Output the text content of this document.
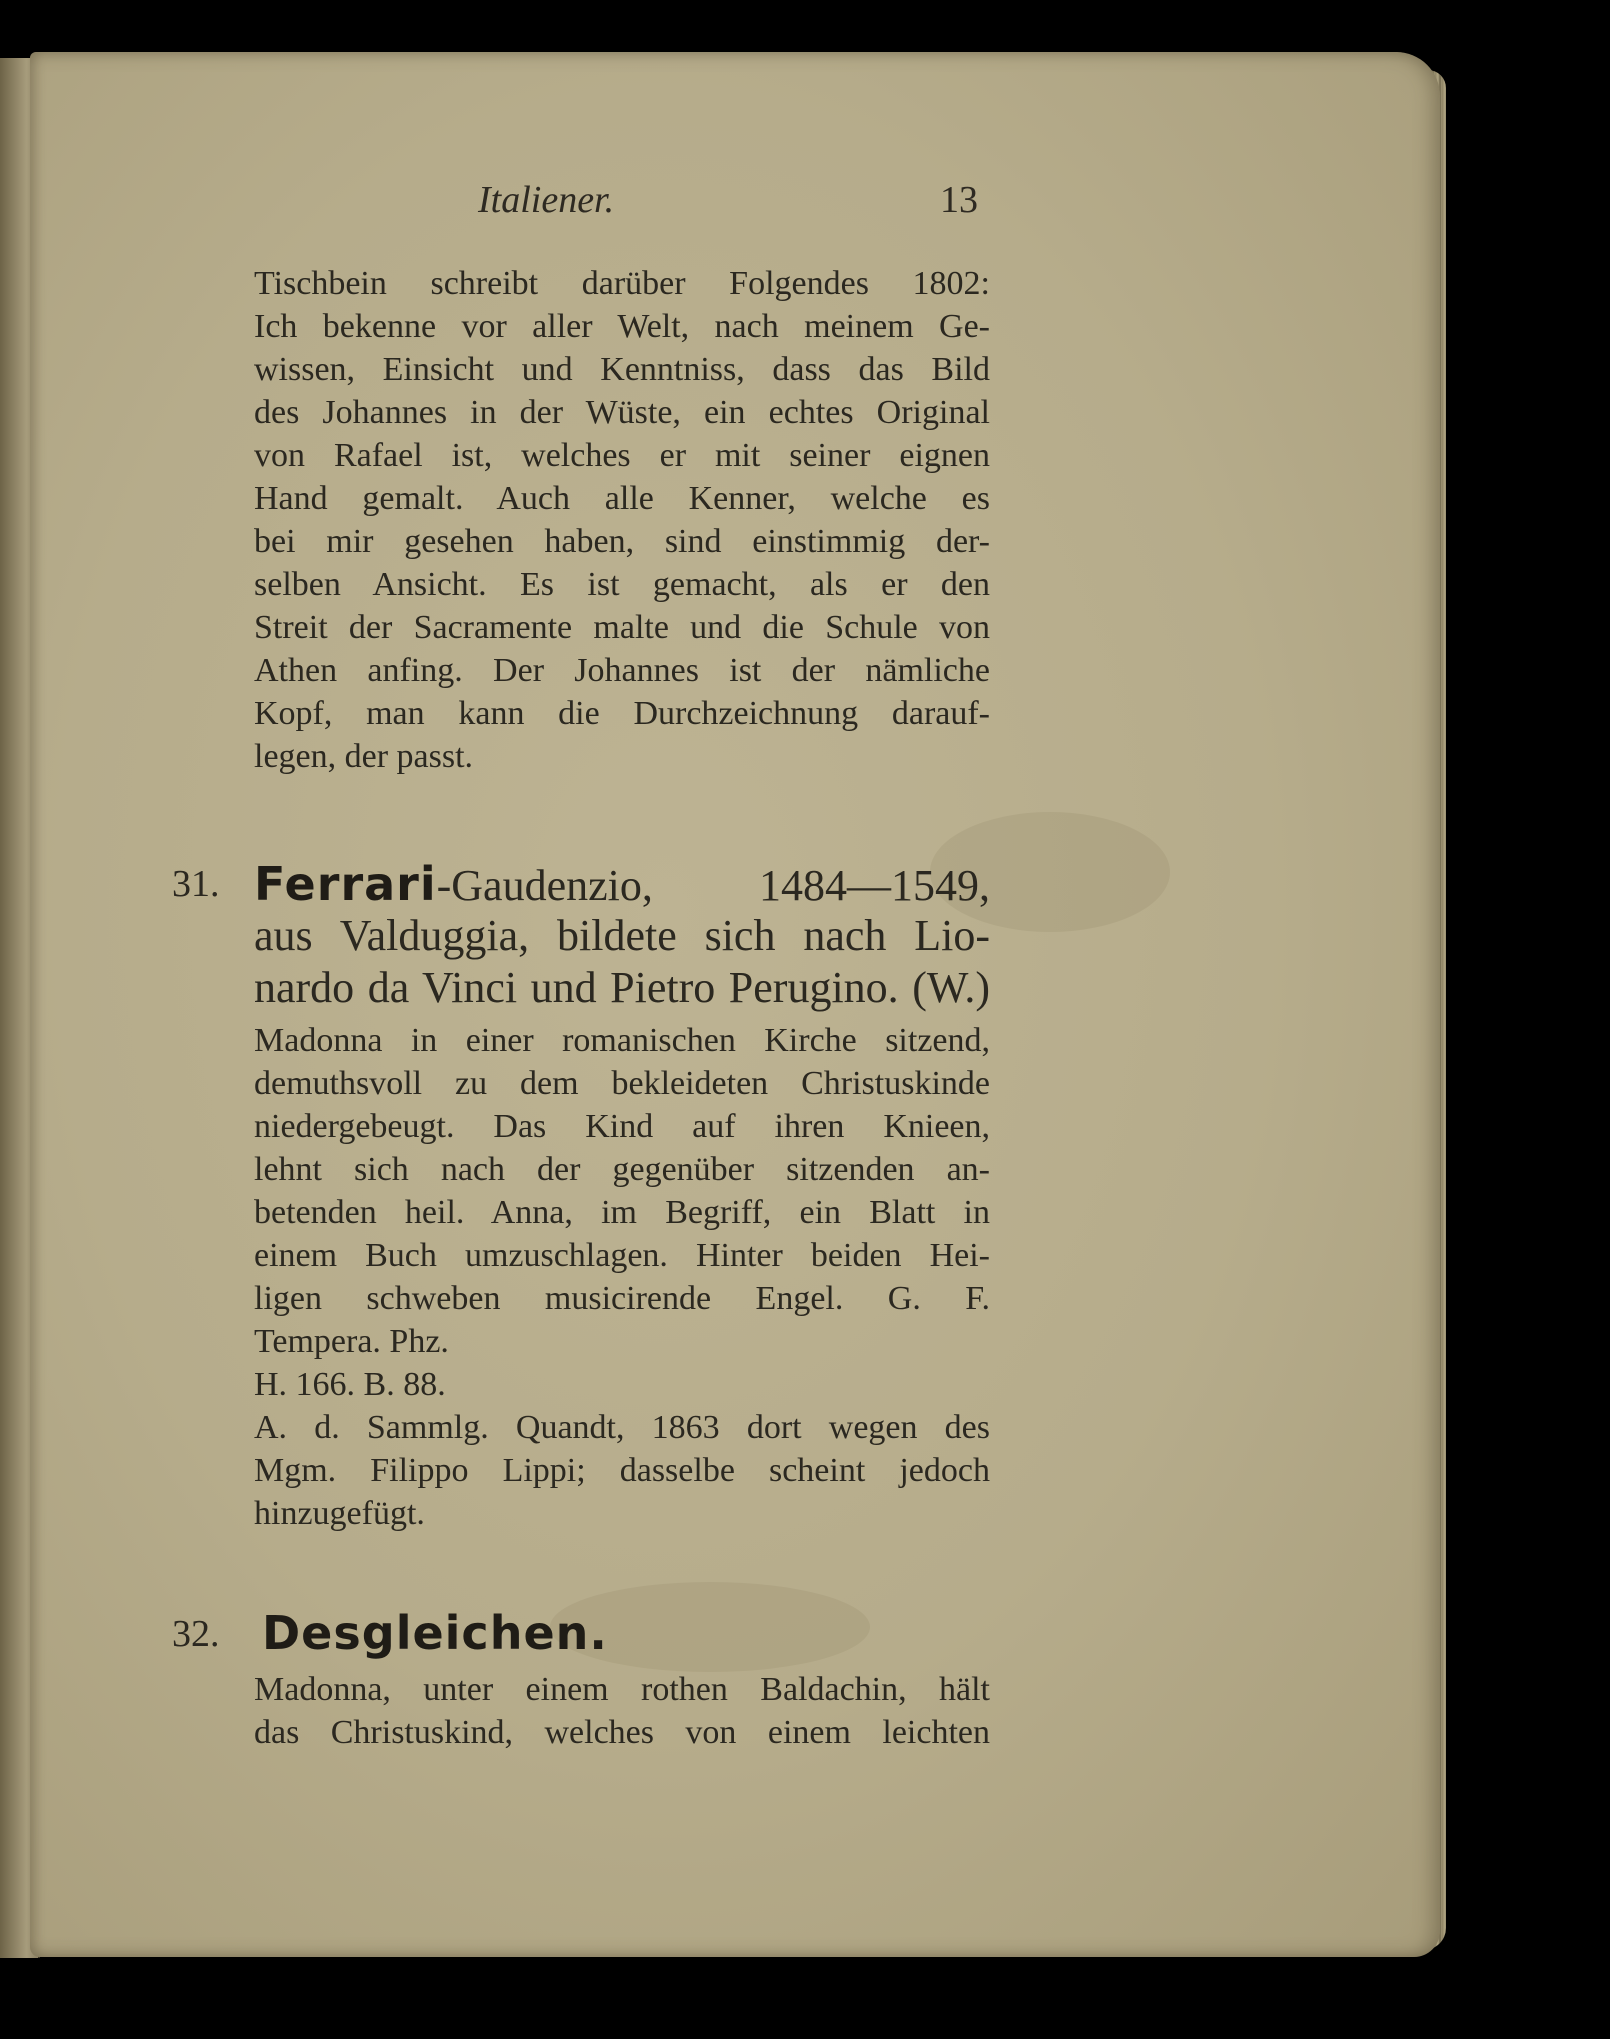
Italiener.	13
Tischbein schreibt darüber Folgendes 1802:
Ich bekenne vor aller Welt, nach meinem Ge-
wissen, Einsicht und Kenntniss, dass das Bild
des Johannes in der Wüste, ein echtes Original
von Rafael ist, welches er mit seiner eignen
Hand gemalt. Auch alle Kenner, welche es
bei mir gesehen haben, sind einstimmig der-
selben Ansicht. Es ist gemacht, als er den
Streit der Sacramente malte und die Schule von
Athen anfing. Der Johannes ist der nämliche
Kopf, man kann die Durchzeichnung darauf-
legen, der passt.
31. Ferrari-Gaudenzio, 1484—1549,
aus Valduggia, bildete sich nach Lio-
nardo da Vinci und Pietro Perugino. (W.)
Madonna in einer romanischen Kirche sitzend,
demuthsvoll zu dem bekleideten Christuskinde
niedergebeugt. Das Kind auf ihren Knieen,
lehnt sich nach der gegenüber sitzenden an-
betenden heil. Anna, im Begriff, ein Blatt in
einem Buch umzuschlagen. Hinter beiden Hei-
ligen schweben musicirende Engel. G. F.
Tempera. Phz.
H. 166. B. 88.
A. d. Sammlg. Quandt, 1863 dort wegen des
Mgm. Filippo Lippi; dasselbe scheint jedoch
hinzugefügt.
32. Desgleichen.
Madonna, unter einem rothen Baldachin, hält
das Christuskind, welches von einem leichten
